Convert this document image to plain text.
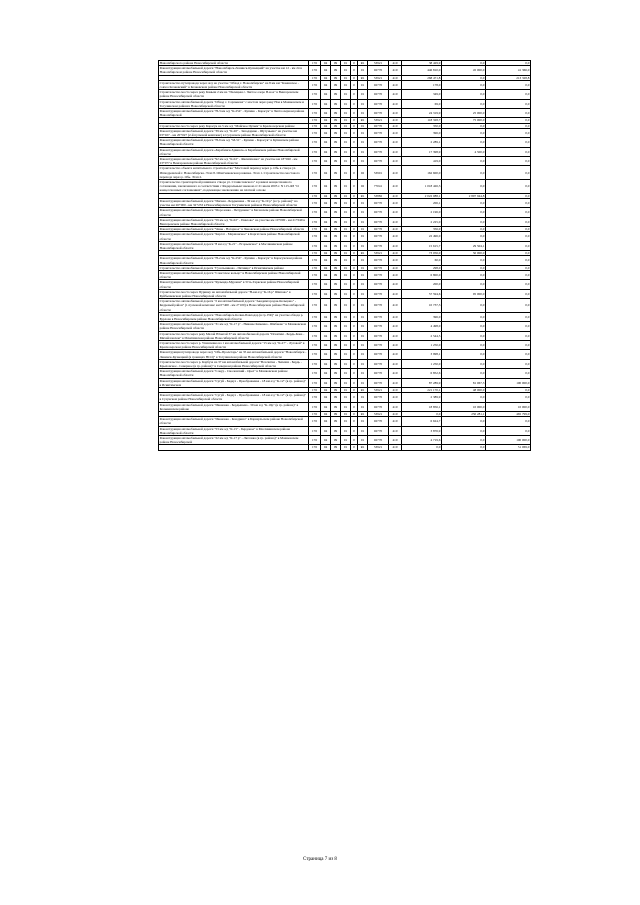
Новосибирского района Новосибирской области	176	04	09	01	0	R1	53921	410	38 429,9	0,0	0,0
Реконструкция автомобильной дороги "Новосибирск-Ленинск-Кузнецкий" на участке км 12 - км 24 в Новосибирском районе Новосибирской области	176	04	09	01	0	01	02770	410	446 810,0	45 000,0	41 366,0
	176	04	09	01	0	R1	53921	410	268 471,8	0,0	213 328,8
Строительство путепровода через ж/д на участке "Обход г. Новосибирска" на 8 км км "Каменское - совхоз Кочковский" в Кочковском районе Новосибирской области	176	04	09	01	0	01	02770	410	178,0	0,0	0,0
Строительство моста через реку Камыш 2 км на "Палецкая с. Чистое озеро В-ное" в Венгеровском районе Новосибирской области	176	04	09	01	0	01	02770	410	349,0	0,0	0,0
Строительство автомобильной дороги "Обход с. Сарлыкова" с мостом через реку Ноя в Мошковском и Тогучинском районах Новосибирской области	176	04	09	01	0	01	02770	410	69,0	0,0	0,0
Реконструкция автомобильной дороги "Н-3 км а/д "К-254" - Купино - Карасук" в Чистоозерном районе Новосибирской	176	04	09	01	0	01	02770	410	24 319,9	25 000,0	0,0
	176	04	09	01	0	R1	53921	410	118 328,7	75 000,0	0,0
Строительство моста через реку Карасук на 5 км а/д "Майское-Чулым" в Краснозерском районе	176	04	09	01	0	01	02770	410	350,0	0,0	0,0
Реконструкция автомобильной дороги "39 км а/д "К-20" - Заподаряне - Шугуньево" на участке км 03+027 - км 20+027 (2-й пусковой комплекс) в Сузунском районе Новосибирской области	176	04	09	01	0	01	02770	410	396,0	0,0	0,0
Реконструкция автомобильной дороги "Н-9 км а/д "М-51" - Купино - Карасук" в Купинском районе Новосибирской области	176	04	09	01	0	01	02770	410	2 289,1	0,0	0,0
Реконструкция автомобильной дороги «Барабинск-Здвинск» в Барабинском районе Новосибирской области	176	04	09	01	0	01	02770	410	17 398,9	4 500,0	0,0
Реконструкция автомобильной дороги "92 км а/д "К-02" - Филипповка" на участке км 18+020 - км 23+077 в Венгеровском районе Новосибирской области	176	04	09	01	0	01	02770	410	419,0	0,0	0,0
Строительство объекта капитального строительства "Мостовой переход через р. Обь в створе ул. Ипподромской г. Новосибирска. Этап 8. Шпатчиковская развязка. Этап 1. Строительство мостового перехода через р. Обь. Этап 2.	176	04	09	01	0	02	53901	410	162 600,0	0,0	0,0
Строительство транспортной развязки в створе ул. Станиславского" в рамках концессионного соглашения, заключенного в соответствии с Федеральным законом от 21 июля 2005 г. N 115-ФЗ "О концессионных соглашениях", подлежащее заключению на платной основе	176	04	09	01	0	02	77041	410	1 018 426,3	0,0	0,0
	176	04	09	01	0	R1	53882	410	2 022 088,1	2 897 944,8	0,0
Реконструкция автомобильной дороги "Инская - Бердышева - 39 км а/д "К-19 р" (в гр. района)" на участке км 26+000 - км 32+233 в Новосибирском и Тогучинском районах Новосибирской области	176	04	09	01	0	01	02770	410	206,1	0,0	0,0
Реконструкция автомобильной дороги "Морозовка - Петрушево" в Баганском районе Новосибирской области	176	04	09	01	0	01	02770	410	2 196,0	0,0	0,0
Реконструкция автомобильной дороги "59 км а/д "К-02" - Павлово" на участке км 10+000 - км 21+049 в Венгеровском районе Новосибирской области	176	04	09	01	0	01	02770	410	2 225,0	0,0	0,0
Реконструкция автомобильной дороги "Чаны - Нагорное" в Чановском районе Новосибирской области	176	04	09	01	0	01	02770	410	356,0	0,0	0,0
Реконструкция автомобильной дороги "Каргат - Маршанское" в Каргатском районе Новосибирской области	176	04	09	01	0	01	02770	410	22 496,0	0,0	0,0
Реконструкция автомобильной дороги "8 км а/д "К-21" - Егорьевское" в Маслянинском районе Новосибирской области	176	04	09	01	0	01	02770	410	15 615,7	29 504,1	0,0
	176	04	09	01	0	R1	53921	410	73 056,0	50 000,0	0,0
Реконструкция автомобильной дороги "Н-2 км а/д "К-254" - Купино - Карасук" в Карасукском районе Новосибирской области	176	04	09	01	0	01	02770	410	60,0	0,0	0,0
Строительство автомобильной дороги "Гусельниково - Пятница" в Искитимском районе	176	04	09	01	0	01	02770	410	298,0	0,0	0,0
Реконструкция автомобильной дороги "Советское кольцо" в Новосибирском районе Новосибирской области	176	04	09	01	0	01	02770	410	6 800,0	0,0	0,0
Реконструкция автомобильной дороги "Кулында-Мураши" в Усть-Таркском районе Новосибирской области	176	04	09	01	0	01	02770	410	200,0	0,0	0,0
Строительство моста через Пуринеу на автомобильной дороге "Н-км а/д "К-16 р" Шипово" в Куйбышевском районе Новосибирской области	176	04	09	01	0	01	02770	410	57 594,6	95 000,0	0,0
Строительство автомобильной дороги "2 км автомобильной дороги "Академгородок-Кольцово" - Кедровый район" (1 пусковой комплекс км 0+400 - км 2+100) в Новосибирском районе Новосибирской области	176	04	09	01	0	01	02770	410	10 737,3	0,0	0,0
Реконструкция автомобильной дороги "Новосибирск-Кочки-Павлодар (в гр. РФ)" на участке обхода р. Бурлова в Новосибирском районе Новосибирской области	176	04	09	01	0	01	02770	410	396,0	0,0	0,0
Реконструкция автомобильной дороги "31 км а/д "К-17 р" - Нижнее Каменка - Шибково" в Мошковском районе Новосибирской области	176	04	09	01	0	01	02770	410	4 498,0	0,0	0,0
Строительство моста через реку Малой Юзыгай 37 км автомобильной дороги "Искитим - Бердь-Кова - Михайловская" в Искитимском районе Новосибирской области	176	04	09	01	0	01	02770	410	2 544,5	0,0	0,0
Строительство моста через р. Ушанчевка на 1 км автомобильной дороги "15 км а/д "К-27" - Луговой" в Краснозерском районе Новосибирской области	176	04	09	01	0	01	02770	410	1 250,0	0,0	0,0
Реконструкция путепровода через ж/д "Обь-Пролетарь" на 35 км автомобильной дороги "Новосибирск - Ленинск-Кузнецкий (в границах НСО)" в Тогучинском районе Новосибирской области	176	04	09	01	0	01	02770	410	3 998,1	0,0	0,0
Строительство моста через р. Карбуза на 37 км автомобильной дороги "Всесвятка - Чепеши - Бердь - Крыловское - Северное (в гр. района)" в Северном районе Новосибирской области	176	04	09	01	0	01	02770	410	1 250,0	0,0	0,0
Реконструкция автомобильной дороги "Сокур - Смоленский - Орел" в Мошковском районе Новосибирской области	176	04	09	01	0	01	02770	410	6 852,6	0,0	0,0
Реконструкция автомобильной дороги "Сугуй - Бедеуз - Преображенка - 18 км а/д "К-12" (в гр. района)" в Искитимском	176	04	09	01	0	01	02770	410	87 289,9	81 067,3	100 000,0
	176	04	09	01	0	R1	53921	410	221 170,1	48 000,0	0,0
Реконструкция автомобильной дороги "Сугуй - Бедеуз - Преображенка - 18 км а/д "К-12" (в гр. района)" в Сузунском районе Новосибирской области	176	04	09	01	0	01	02770	410	2 389,9	0,0	0,0
Реконструкция автомобильной дороги "Ивановка - Бердышева - 39 км а/д "К-19р" (в гр. района)" в Колыванском районе	176	04	09	01	0	01	02770	410	18 856,1	10 000,0	10 000,0
	176	04	09	01	0	R1	53921	410	0,0	250 281,1	465 799,0
Реконструкция автомобильной дороги "Ивановка - Кондрино" в Барнаульском районе Новосибирской области	176	04	09	01	0	01	02770	410	6 624,7	0,0	0,0
Реконструкция автомобильной дороги "53 км а/д "К-15" - Бердовое" в Маслянинском районе Новосибирской области	176	04	09	01	0	01	02770	410	3 876,9	0,0	0,0
Реконструкция автомобильной дороги "22 км а/д "К-17 р" - Лютовка (в гр. района)" в Мошковском районе Новосибирской	176	04	09	01	0	01	02770	410	4 719,6	0,0	100 000,0
	176	04	09	01	0	R1	53921	410	0,0	0,0	51 069,0
Страница 7 из 8
